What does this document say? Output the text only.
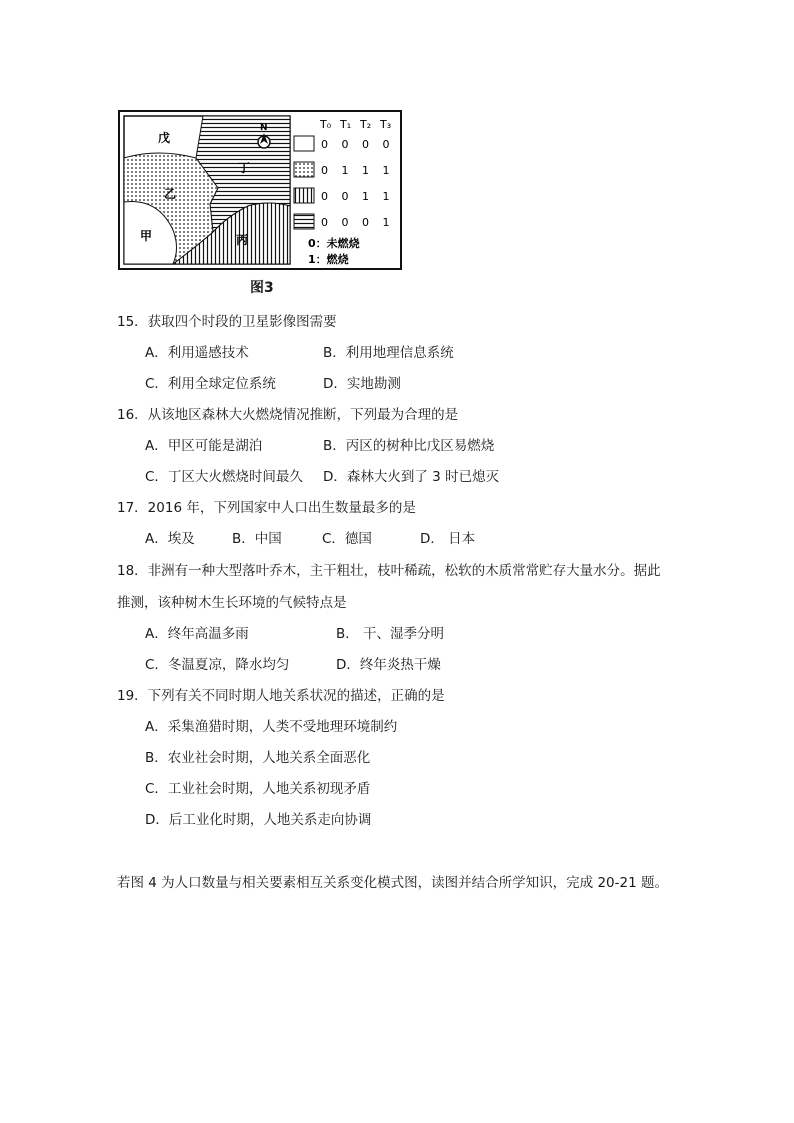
戊
丁
乙
甲	丙
N	T₀ T₁ T₂ T₃
0 0 0 0
0 1 1 1
0 0 1 1
0 0 0 1
0：未燃烧
1：燃烧
图3
15．获取四个时段的卫星影像图需要
A．利用遥感技术	B．利用地理信息系统
C．利用全球定位系统	D．实地勘测
16．从该地区森林大火燃烧情况推断，下列最为合理的是
A．甲区可能是湖泊	B．丙区的树种比戊区易燃烧
C．丁区大火燃烧时间最久 D．森林大火到了 3 时已熄灭
17．2016 年，下列国家中人口出生数量最多的是
A．埃及	B．中国	C．德国	D． 日本
18．非洲有一种大型落叶乔木，主干粗壮，枝叶稀疏，松软的木质常常贮存大量水分。据此
推测，该种树木生长环境的气候特点是
A．终年高温多雨	B． 干、湿季分明
C．冬温夏凉，降水均匀	D．终年炎热干燥
19．下列有关不同时期人地关系状况的描述，正确的是
A．采集渔猎时期，人类不受地理环境制约
B．农业社会时期，人地关系全面恶化
C．工业社会时期，人地关系初现矛盾
D．后工业化时期，人地关系走向协调
若图 4 为人口数量与相关要素相互关系变化模式图，读图并结合所学知识，完成 20-21 题。
